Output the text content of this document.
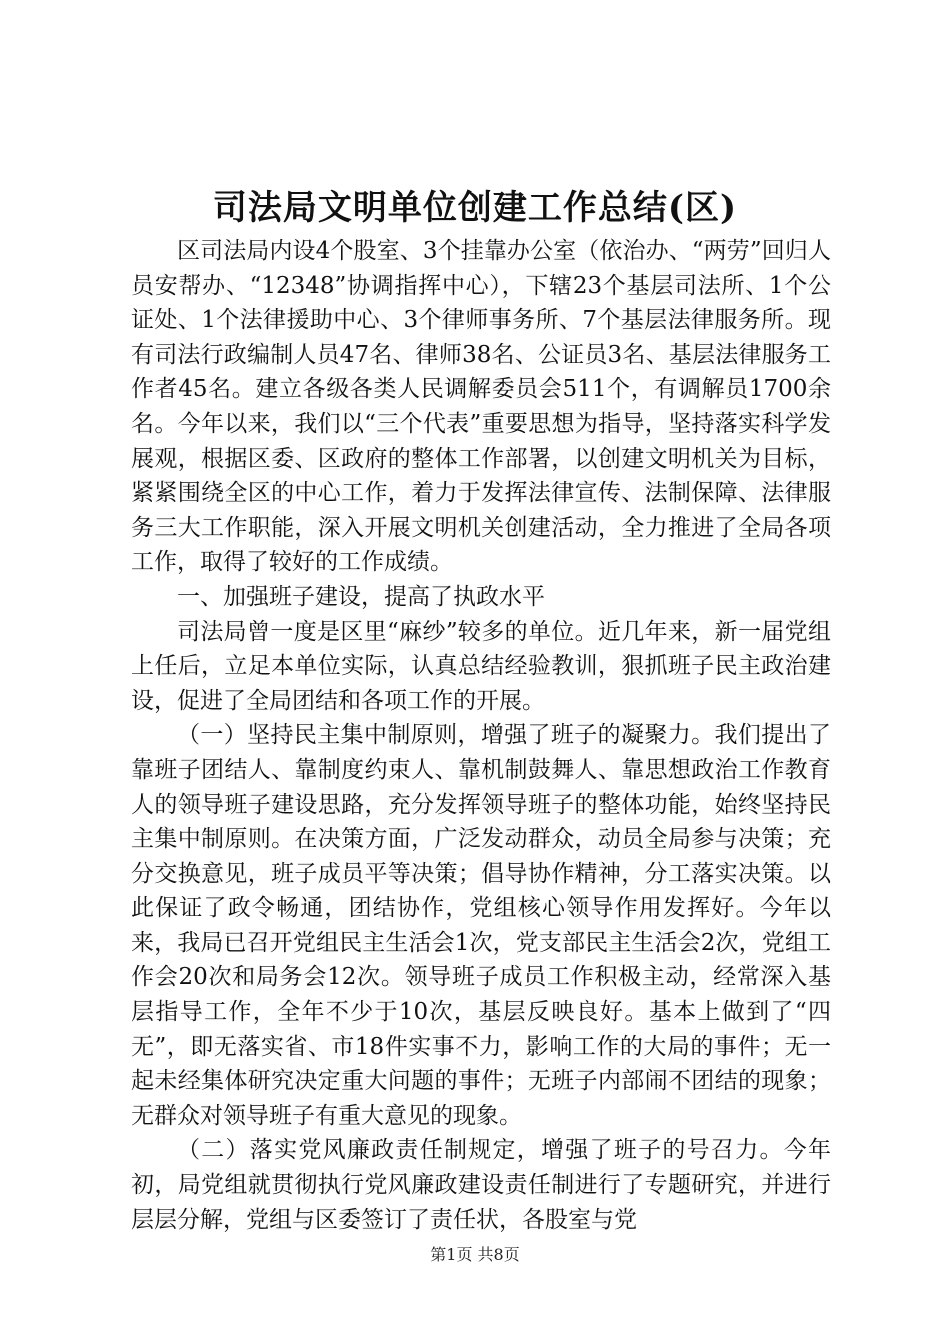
司法局文明单位创建工作总结(区)

区司法局内设4个股室、3个挂靠办公室（依治办、“两劳”回归人员安帮办、“12348”协调指挥中心），下辖23个基层司法所、1个公证处、1个法律援助中心、3个律师事务所、7个基层法律服务所。现有司法行政编制人员47名、律师38名、公证员3名、基层法律服务工作者45名。建立各级各类人民调解委员会511个，有调解员1700余名。今年以来，我们以“三个代表”重要思想为指导，坚持落实科学发展观，根据区委、区政府的整体工作部署，以创建文明机关为目标，紧紧围绕全区的中心工作，着力于发挥法律宣传、法制保障、法律服务三大工作职能，深入开展文明机关创建活动，全力推进了全局各项工作，取得了较好的工作成绩。

一、加强班子建设，提高了执政水平

司法局曾一度是区里“麻纱”较多的单位。近几年来，新一届党组上任后，立足本单位实际，认真总结经验教训，狠抓班子民主政治建设，促进了全局团结和各项工作的开展。

（一）坚持民主集中制原则，增强了班子的凝聚力。我们提出了靠班子团结人、靠制度约束人、靠机制鼓舞人、靠思想政治工作教育人的领导班子建设思路，充分发挥领导班子的整体功能，始终坚持民主集中制原则。在决策方面，广泛发动群众，动员全局参与决策；充分交换意见，班子成员平等决策；倡导协作精神，分工落实决策。以此保证了政令畅通，团结协作，党组核心领导作用发挥好。今年以来，我局已召开党组民主生活会1次，党支部民主生活会2次，党组工作会20次和局务会12次。领导班子成员工作积极主动，经常深入基层指导工作，全年不少于10次，基层反映良好。基本上做到了“四无”，即无落实省、市18件实事不力，影响工作的大局的事件；无一起未经集体研究决定重大问题的事件；无班子内部闹不团结的现象；无群众对领导班子有重大意见的现象。

（二）落实党风廉政责任制规定，增强了班子的号召力。今年初，局党组就贯彻执行党风廉政建设责任制进行了专题研究，并进行层层分解，党组与区委签订了责任状，各股室与党

第1页 共8页
